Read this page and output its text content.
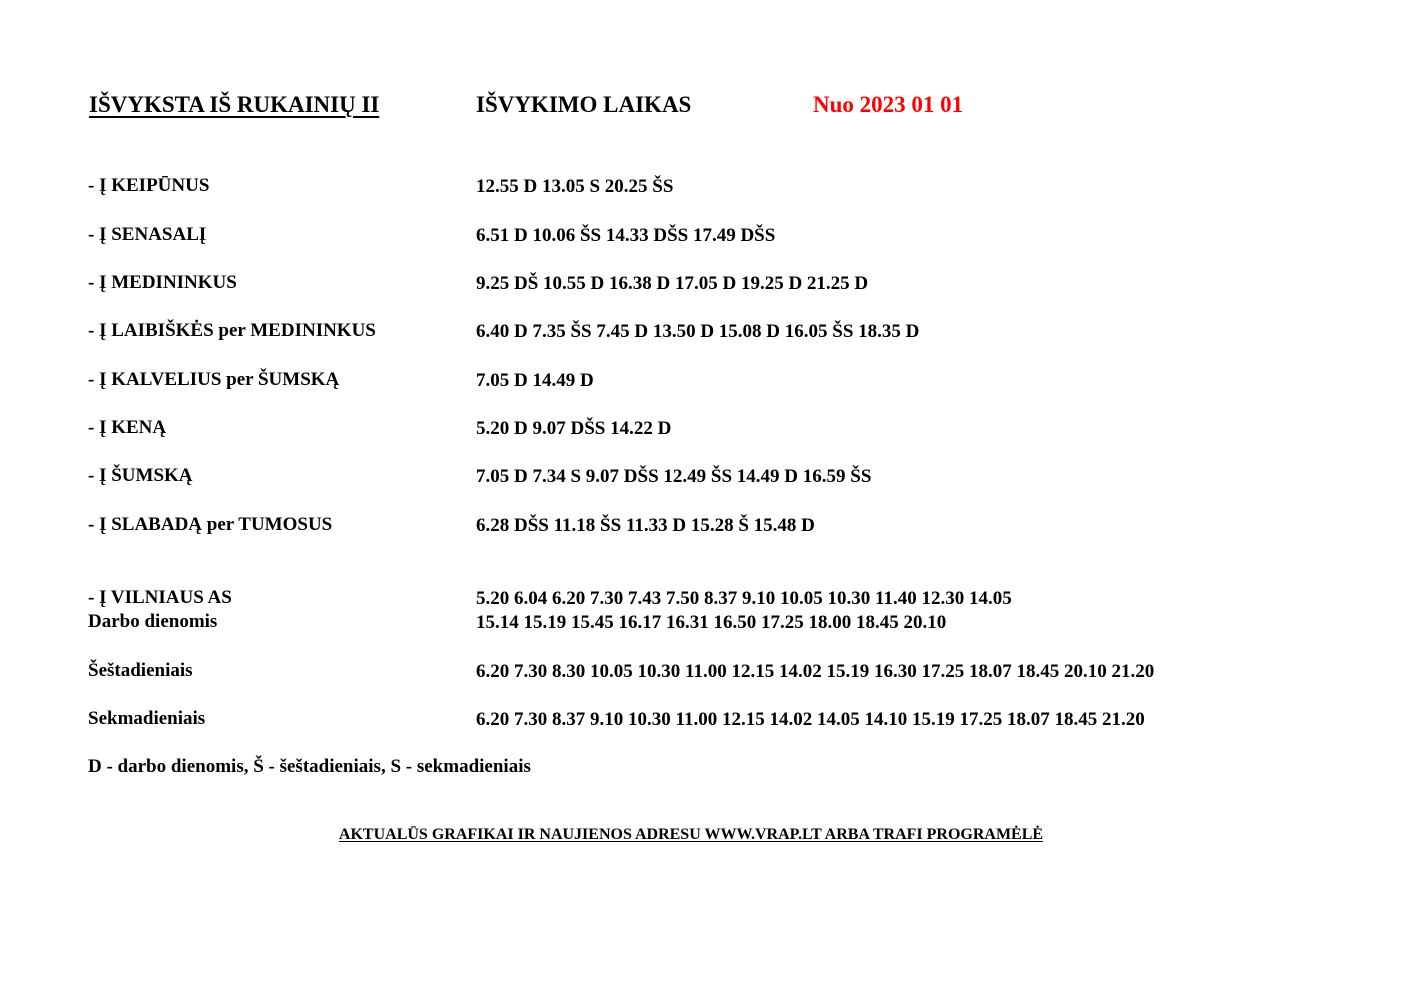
IŠVYKSTA IŠ RUKAINIŲ II	IŠVYKIMO LAIKAS	Nuo 2023 01 01
- Į KEIPŪNUS	12.55 D 13.05 S 20.25 ŠS
- Į SENASALĮ	6.51 D 10.06 ŠS 14.33 DŠS 17.49 DŠS
- Į MEDININKUS	9.25 DŠ 10.55 D 16.38 D 17.05 D 19.25 D 21.25 D
- Į LAIBIŠKĖS per MEDININKUS	6.40 D 7.35 ŠS 7.45 D 13.50 D 15.08 D 16.05 ŠS 18.35 D
- Į KALVELIUS per ŠUMSKĄ	7.05 D 14.49 D
- Į KENĄ	5.20 D 9.07 DŠS 14.22 D
- Į ŠUMSKĄ	7.05 D 7.34 S 9.07 DŠS 12.49 ŠS 14.49 D 16.59 ŠS
- Į SLABADĄ per TUMOSUS	6.28 DŠS 11.18 ŠS 11.33 D 15.28 Š 15.48 D
- Į VILNIAUS AS	5.20 6.04 6.20 7.30 7.43 7.50 8.37 9.10 10.05 10.30 11.40 12.30 14.05
Darbo dienomis	15.14 15.19 15.45 16.17 16.31 16.50 17.25 18.00 18.45 20.10
Šeštadieniais	6.20 7.30 8.30 10.05 10.30 11.00 12.15 14.02 15.19 16.30 17.25 18.07 18.45 20.10 21.20
Sekmadieniais	6.20 7.30 8.37 9.10 10.30 11.00 12.15 14.02 14.05 14.10 15.19 17.25 18.07 18.45 21.20
D - darbo dienomis, Š - šeštadieniais, S - sekmadieniais
AKTUALŪS GRAFIKAI IR NAUJIENOS ADRESU WWW.VRAP.LT ARBA TRAFI PROGRAMĖLĖ
